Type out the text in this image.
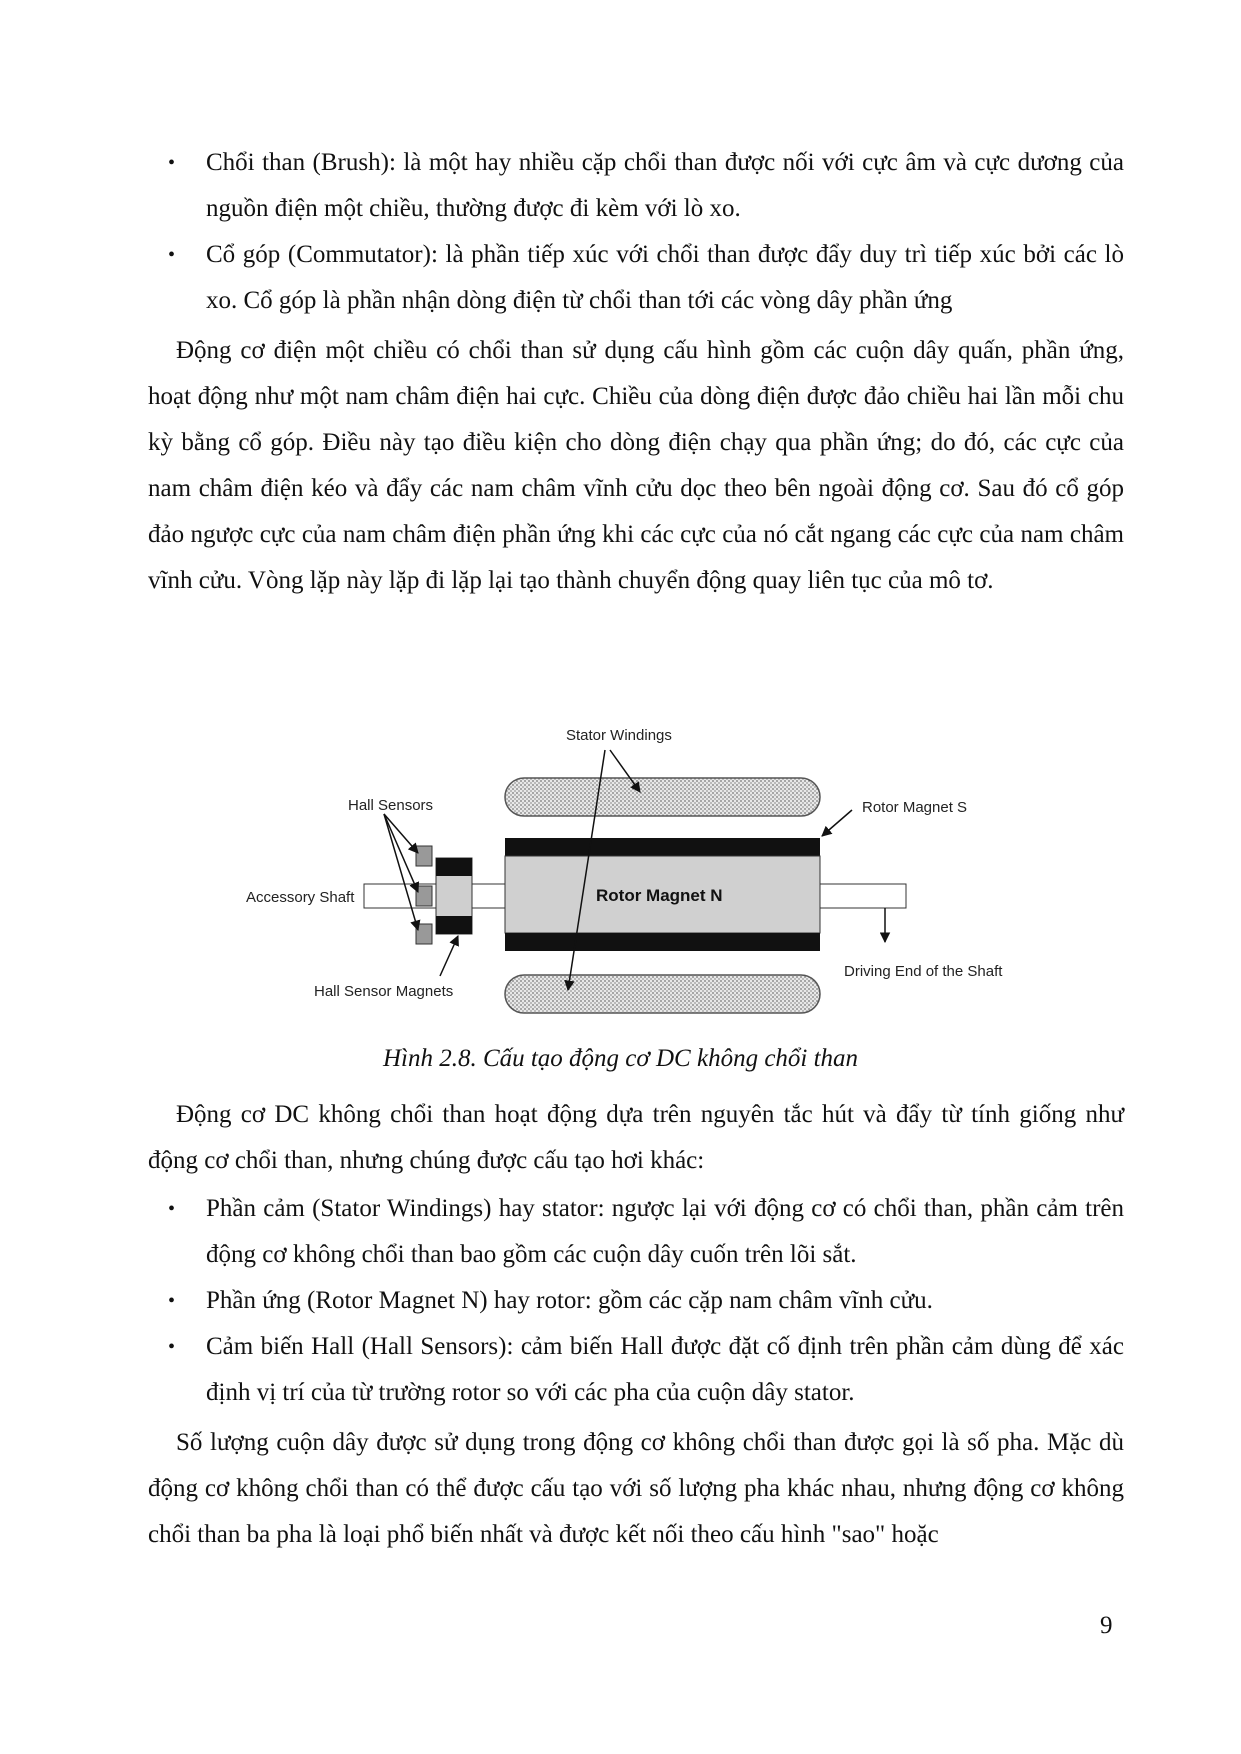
• Chổi than (Brush): là một hay nhiều cặp chổi than được nối với cực âm và cực dương của nguồn điện một chiều, thường được đi kèm với lò xo.
• Cổ góp (Commutator): là phần tiếp xúc với chổi than được đẩy duy trì tiếp xúc bởi các lò xo. Cổ góp là phần nhận dòng điện từ chổi than tới các vòng dây phần ứng

Động cơ điện một chiều có chổi than sử dụng cấu hình gồm các cuộn dây quấn, phần ứng, hoạt động như một nam châm điện hai cực. Chiều của dòng điện được đảo chiều hai lần mỗi chu kỳ bằng cổ góp. Điều này tạo điều kiện cho dòng điện chạy qua phần ứng; do đó, các cực của nam châm điện kéo và đẩy các nam châm vĩnh cửu dọc theo bên ngoài động cơ. Sau đó cổ góp đảo ngược cực của nam châm điện phần ứng khi các cực của nó cắt ngang các cực của nam châm vĩnh cửu. Vòng lặp này lặp đi lặp lại tạo thành chuyển động quay liên tục của mô tơ.

Stator Windings
Hall Sensors	Rotor Magnet S
Accessory Shaft	Rotor Magnet N
Hall Sensor Magnets
Driving End of the Shaft
Hình 2.8. Cấu tạo động cơ DC không chổi than

Động cơ DC không chổi than hoạt động dựa trên nguyên tắc hút và đẩy từ tính giống như động cơ chổi than, nhưng chúng được cấu tạo hơi khác:

• Phần cảm (Stator Windings) hay stator: ngược lại với động cơ có chổi than, phần cảm trên động cơ không chổi than bao gồm các cuộn dây cuốn trên lõi sắt.
• Phần ứng (Rotor Magnet N) hay rotor: gồm các cặp nam châm vĩnh cửu.
• Cảm biến Hall (Hall Sensors): cảm biến Hall được đặt cố định trên phần cảm dùng để xác định vị trí của từ trường rotor so với các pha của cuộn dây stator.

Số lượng cuộn dây được sử dụng trong động cơ không chổi than được gọi là số pha. Mặc dù động cơ không chổi than có thể được cấu tạo với số lượng pha khác nhau, nhưng động cơ không chổi than ba pha là loại phổ biến nhất và được kết nối theo cấu hình "sao" hoặc

9
